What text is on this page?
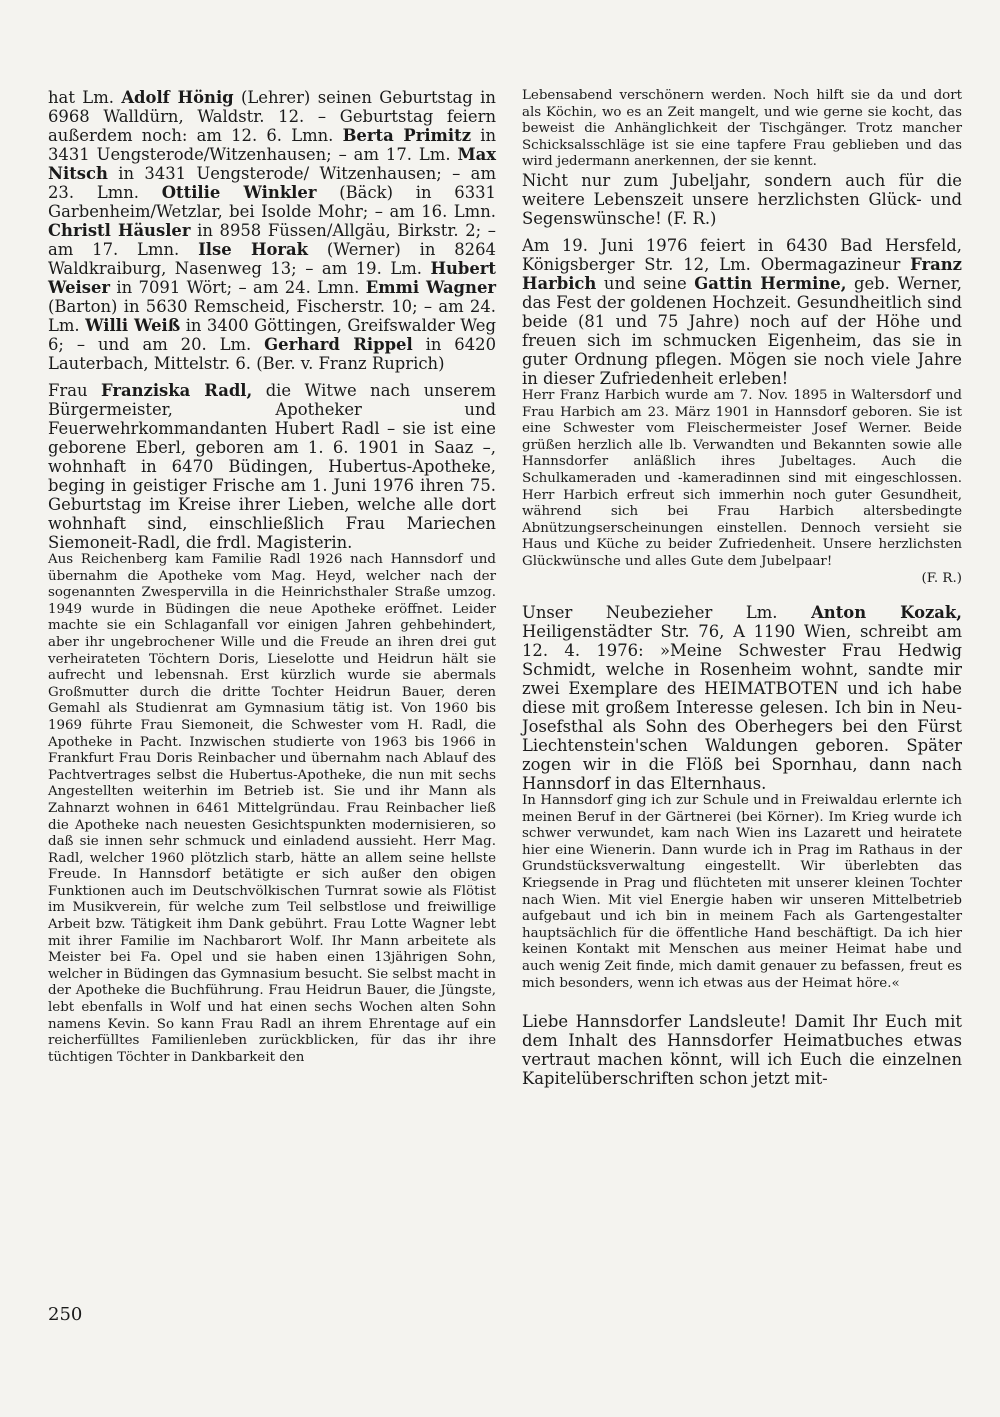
hat Lm. Adolf Hönig (Lehrer) seinen Geburtstag in 6968 Walldürn, Waldstr. 12. – Geburtstag feiern außerdem noch: am 12. 6. Lmn. Berta Primitz in 3431 Uengsterode/Witzenhausen; – am 17. Lm. Max Nitsch in 3431 Uengsterode/ Witzenhausen; – am 23. Lmn. Ottilie Winkler (Bäck) in 6331 Garbenheim/Wetzlar, bei Isolde Mohr; – am 16. Lmn. Christl Häusler in 8958 Füssen/Allgäu, Birkstr. 2; – am 17. Lmn. Ilse Horak (Werner) in 8264 Waldkraiburg, Nasenweg 13; – am 19. Lm. Hubert Weiser in 7091 Wört; – am 24. Lmn. Emmi Wagner (Barton) in 5630 Remscheid, Fischerstr. 10; – am 24. Lm. Willi Weiß in 3400 Göttingen, Greifswalder Weg 6; – und am 20. Lm. Gerhard Rippel in 6420 Lauterbach, Mittelstr. 6. (Ber. v. Franz Ruprich)

Frau Franziska Radl, die Witwe nach unserem Bürgermeister, Apotheker und Feuerwehrkommandanten Hubert Radl – sie ist eine geborene Eberl, geboren am 1. 6. 1901 in Saaz –, wohnhaft in 6470 Büdingen, Hubertus-Apotheke, beging in geistiger Frische am 1. Juni 1976 ihren 75. Geburtstag im Kreise ihrer Lieben, welche alle dort wohnhaft sind, einschließlich Frau Mariechen Siemoneit-Radl, die frdl. Magisterin.

Aus Reichenberg kam Familie Radl 1926 nach Hannsdorf und übernahm die Apotheke vom Mag. Heyd, welcher nach der sogenannten Zwespervilla in die Heinrichsthaler Straße umzog. 1949 wurde in Büdingen die neue Apotheke eröffnet. Leider machte sie ein Schlaganfall vor einigen Jahren gehbehindert, aber ihr ungebrochener Wille und die Freude an ihren drei gut verheirateten Töchtern Doris, Lieselotte und Heidrun hält sie aufrecht und lebensnah. Erst kürzlich wurde sie abermals Großmutter durch die dritte Tochter Heidrun Bauer, deren Gemahl als Studienrat am Gymnasium tätig ist. Von 1960 bis 1969 führte Frau Siemoneit, die Schwester vom H. Radl, die Apotheke in Pacht. Inzwischen studierte von 1963 bis 1966 in Frankfurt Frau Doris Reinbacher und übernahm nach Ablauf des Pachtvertrages selbst die Hubertus-Apotheke, die nun mit sechs Angestellten weiterhin im Betrieb ist. Sie und ihr Mann als Zahnarzt wohnen in 6461 Mittelgründau. Frau Reinbacher ließ die Apotheke nach neuesten Gesichtspunkten modernisieren, so daß sie innen sehr schmuck und einladend aussieht. Herr Mag. Radl, welcher 1960 plötzlich starb, hätte an allem seine hellste Freude. In Hannsdorf betätigte er sich außer den obigen Funktionen auch im Deutschvölkischen Turnrat sowie als Flötist im Musikverein, für welche zum Teil selbstlose und freiwillige Arbeit bzw. Tätigkeit ihm Dank gebührt. Frau Lotte Wagner lebt mit ihrer Familie im Nachbarort Wolf. Ihr Mann arbeitete als Meister bei Fa. Opel und sie haben einen 13jährigen Sohn, welcher in Büdingen das Gymnasium besucht. Sie selbst macht in der Apotheke die Buchführung. Frau Heidrun Bauer, die Jüngste, lebt ebenfalls in Wolf und hat einen sechs Wochen alten Sohn namens Kevin. So kann Frau Radl an ihrem Ehrentage auf ein reicherfülltes Familienleben zurückblicken, für das ihr ihre tüchtigen Töchter in Dankbarkeit den

Lebensabend verschönern werden. Noch hilft sie da und dort als Köchin, wo es an Zeit mangelt, und wie gerne sie kocht, das beweist die Anhänglichkeit der Tischgänger. Trotz mancher Schicksalsschläge ist sie eine tapfere Frau geblieben und das wird jedermann anerkennen, der sie kennt.

Nicht nur zum Jubeljahr, sondern auch für die weitere Lebenszeit unsere herzlichsten Glück- und Segenswünsche! (F. R.)

Am 19. Juni 1976 feiert in 6430 Bad Hersfeld, Königsberger Str. 12, Lm. Obermagazineur Franz Harbich und seine Gattin Hermine, geb. Werner, das Fest der goldenen Hochzeit. Gesundheitlich sind beide (81 und 75 Jahre) noch auf der Höhe und freuen sich im schmucken Eigenheim, das sie in guter Ordnung pflegen. Mögen sie noch viele Jahre in dieser Zufriedenheit erleben!

Herr Franz Harbich wurde am 7. Nov. 1895 in Waltersdorf und Frau Harbich am 23. März 1901 in Hannsdorf geboren. Sie ist eine Schwester vom Fleischermeister Josef Werner. Beide grüßen herzlich alle lb. Verwandten und Bekannten sowie alle Hannsdorfer anläßlich ihres Jubeltages. Auch die Schulkameraden und -kameradinnen sind mit eingeschlossen. Herr Harbich erfreut sich immerhin noch guter Gesundheit, während sich bei Frau Harbich altersbedingte Abnützungserscheinungen einstellen. Dennoch versieht sie Haus und Küche zu beider Zufriedenheit. Unsere herzlichsten Glückwünsche und alles Gute dem Jubelpaar!

(F. R.)

Unser Neubezieher Lm. Anton Kozak, Heiligenstädter Str. 76, A 1190 Wien, schreibt am 12. 4. 1976: »Meine Schwester Frau Hedwig Schmidt, welche in Rosenheim wohnt, sandte mir zwei Exemplare des HEIMATBOTEN und ich habe diese mit großem Interesse gelesen. Ich bin in Neu-Josefsthal als Sohn des Oberhegers bei den Fürst Liechtenstein'schen Waldungen geboren. Später zogen wir in die Flöß bei Spornhau, dann nach Hannsdorf in das Elternhaus.

In Hannsdorf ging ich zur Schule und in Freiwaldau erlernte ich meinen Beruf in der Gärtnerei (bei Körner). Im Krieg wurde ich schwer verwundet, kam nach Wien ins Lazarett und heiratete hier eine Wienerin. Dann wurde ich in Prag im Rathaus in der Grundstücksverwaltung eingestellt. Wir überlebten das Kriegsende in Prag und flüchteten mit unserer kleinen Tochter nach Wien. Mit viel Energie haben wir unseren Mittelbetrieb aufgebaut und ich bin in meinem Fach als Gartengestalter hauptsächlich für die öffentliche Hand beschäftigt. Da ich hier keinen Kontakt mit Menschen aus meiner Heimat habe und auch wenig Zeit finde, mich damit genauer zu befassen, freut es mich besonders, wenn ich etwas aus der Heimat höre.«

Liebe Hannsdorfer Landsleute! Damit Ihr Euch mit dem Inhalt des Hannsdorfer Heimatbuches etwas vertraut machen könnt, will ich Euch die einzelnen Kapitelüberschriften schon jetzt mit-

250
